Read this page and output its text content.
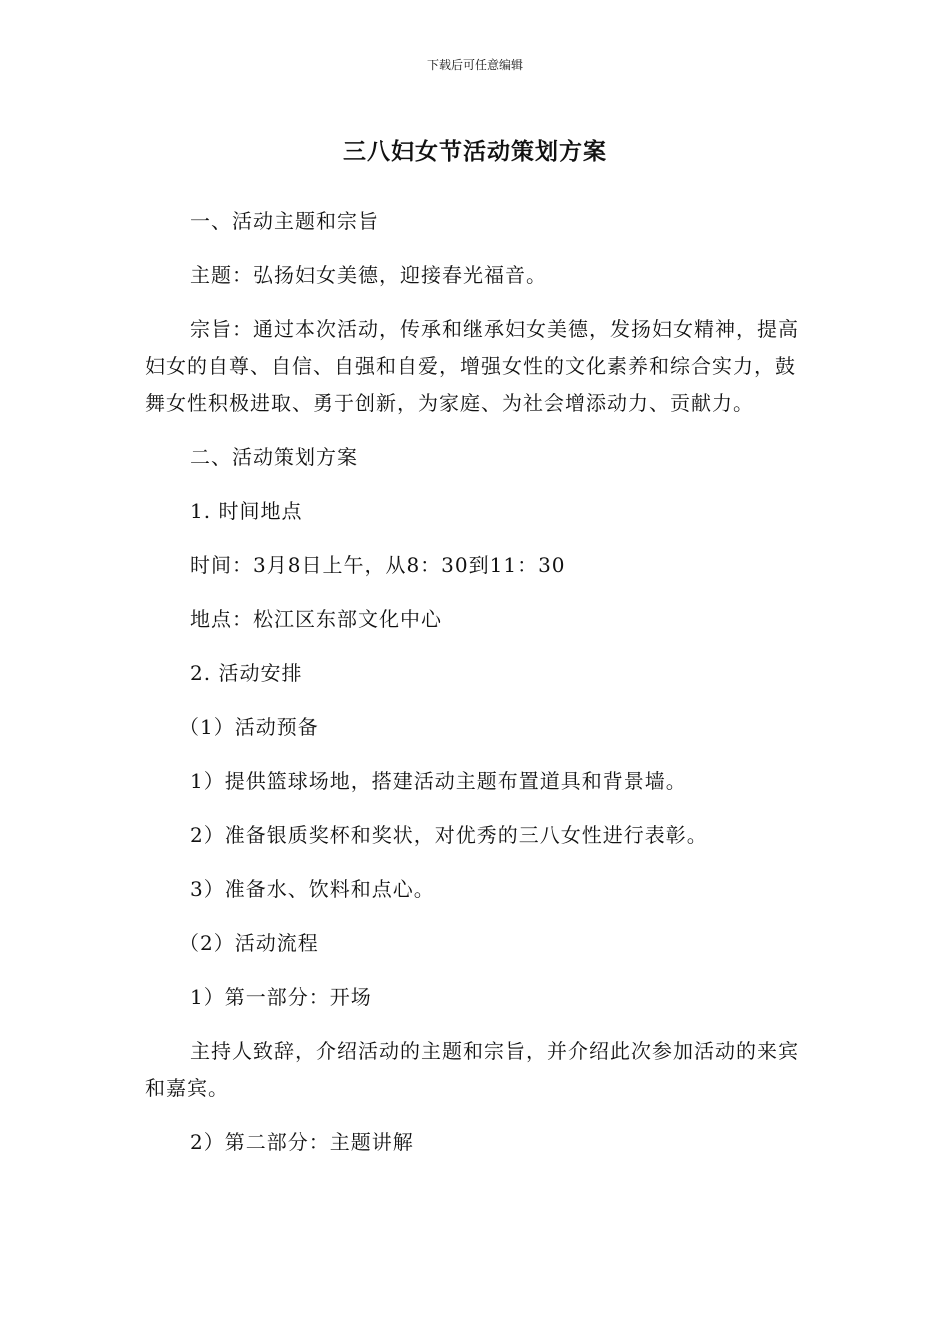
下载后可任意编辑
三八妇女节活动策划方案

一、活动主题和宗旨

主题：弘扬妇女美德，迎接春光福音。

宗旨：通过本次活动，传承和继承妇女美德，发扬妇女精神，提高妇女的自尊、自信、自强和自爱，增强女性的文化素养和综合实力，鼓舞女性积极进取、勇于创新，为家庭、为社会增添动力、贡献力。

二、活动策划方案

1. 时间地点

时间：3月8日上午，从8：30到11：30

地点：松江区东部文化中心

2. 活动安排

（1）活动预备

1）提供篮球场地，搭建活动主题布置道具和背景墙。

2）准备银质奖杯和奖状，对优秀的三八女性进行表彰。

3）准备水、饮料和点心。

（2）活动流程

1）第一部分：开场

主持人致辞，介绍活动的主题和宗旨，并介绍此次参加活动的来宾和嘉宾。

2）第二部分：主题讲解
